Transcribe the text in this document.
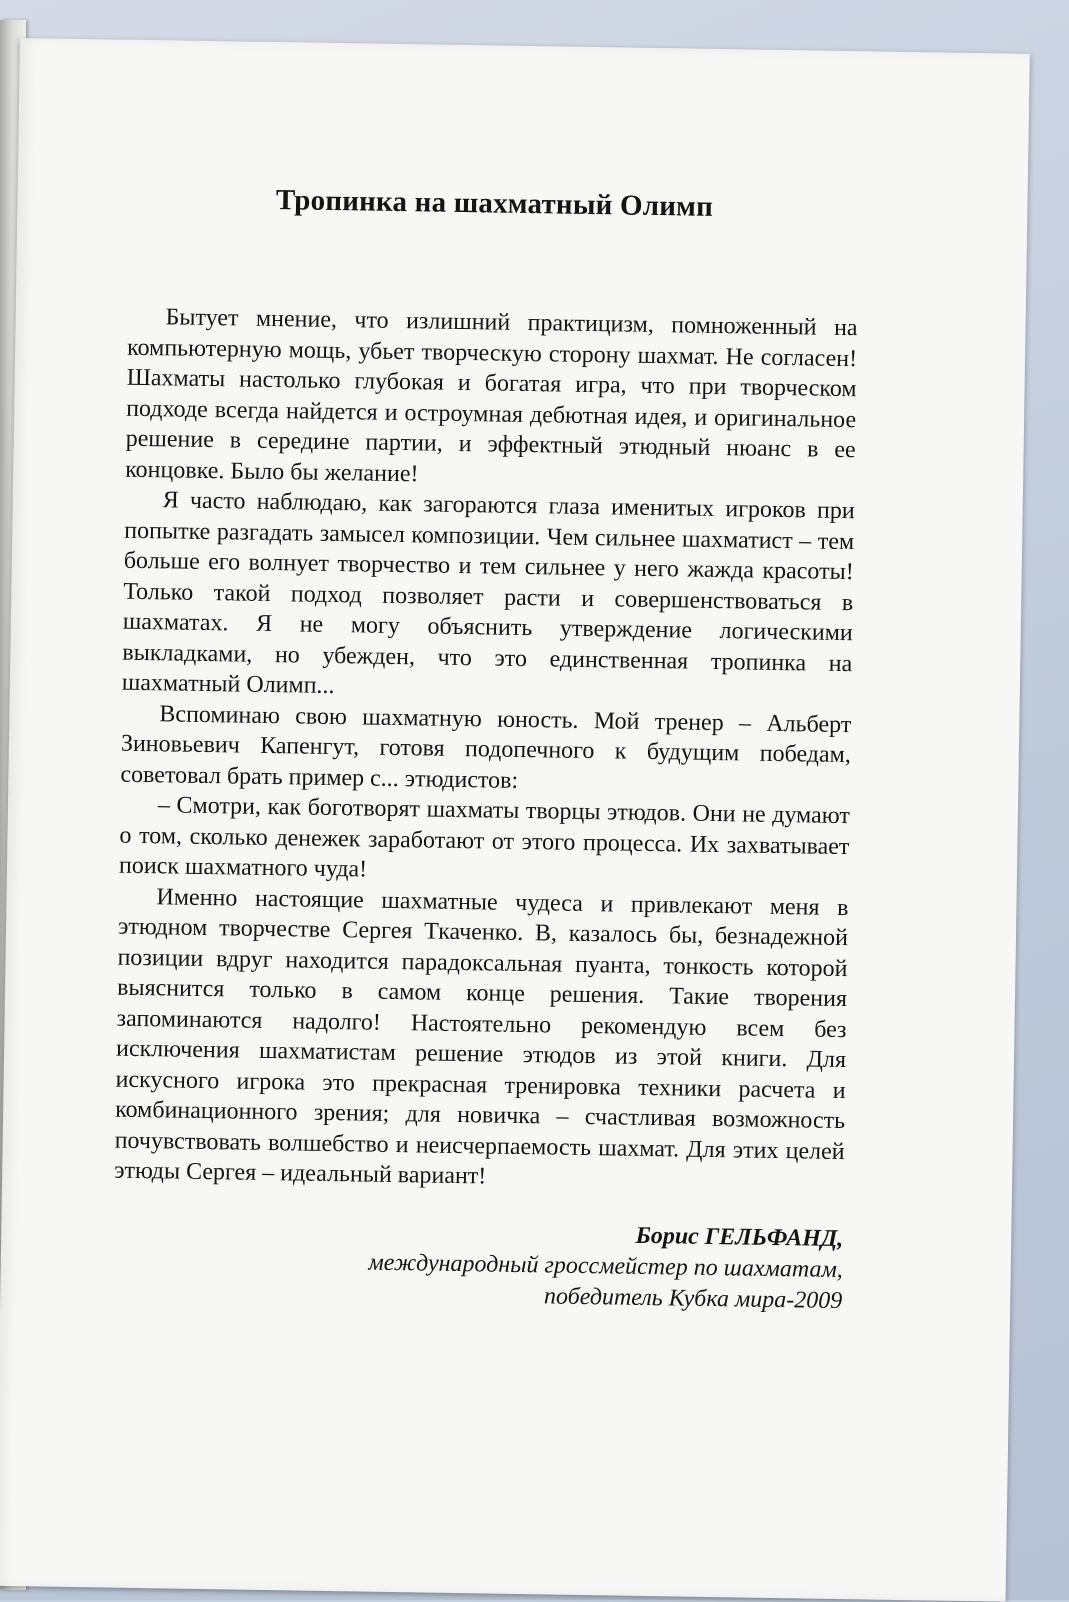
Тропинка на шахматный Олимп

Бытует мнение, что излишний практицизм, помноженный на компьютерную мощь, убьет творческую сторону шахмат. Не согласен! Шахматы настолько глубокая и богатая игра, что при творческом подходе всегда найдется и остроумная дебютная идея, и оригинальное решение в середине партии, и эффектный этюдный нюанс в ее концовке. Было бы желание!

Я часто наблюдаю, как загораются глаза именитых игроков при попытке разгадать замысел композиции. Чем сильнее шахматист – тем больше его волнует творчество и тем сильнее у него жажда красоты! Только такой подход позволяет расти и совершенствоваться в шахматах. Я не могу объяснить утверждение логическими выкладками, но убежден, что это единственная тропинка на шахматный Олимп...

Вспоминаю свою шахматную юность. Мой тренер – Альберт Зиновьевич Капенгут, готовя подопечного к будущим победам, советовал брать пример с... этюдистов:

– Смотри, как боготворят шахматы творцы этюдов. Они не думают о том, сколько денежек заработают от этого процесса. Их захватывает поиск шахматного чуда!

Именно настоящие шахматные чудеса и привлекают меня в этюдном творчестве Сергея Ткаченко. В, казалось бы, безнадежной позиции вдруг находится парадоксальная пуанта, тонкость которой выяснится только в самом конце решения. Такие творения запоминаются надолго! Настоятельно рекомендую всем без исключения шахматистам решение этюдов из этой книги. Для искусного игрока это прекрасная тренировка техники расчета и комбинационного зрения; для новичка – счастливая возможность почувствовать волшебство и неисчерпаемость шахмат. Для этих целей этюды Сергея – идеальный вариант!

Борис ГЕЛЬФАНД,
международный гроссмейстер по шахматам,
победитель Кубка мира-2009
